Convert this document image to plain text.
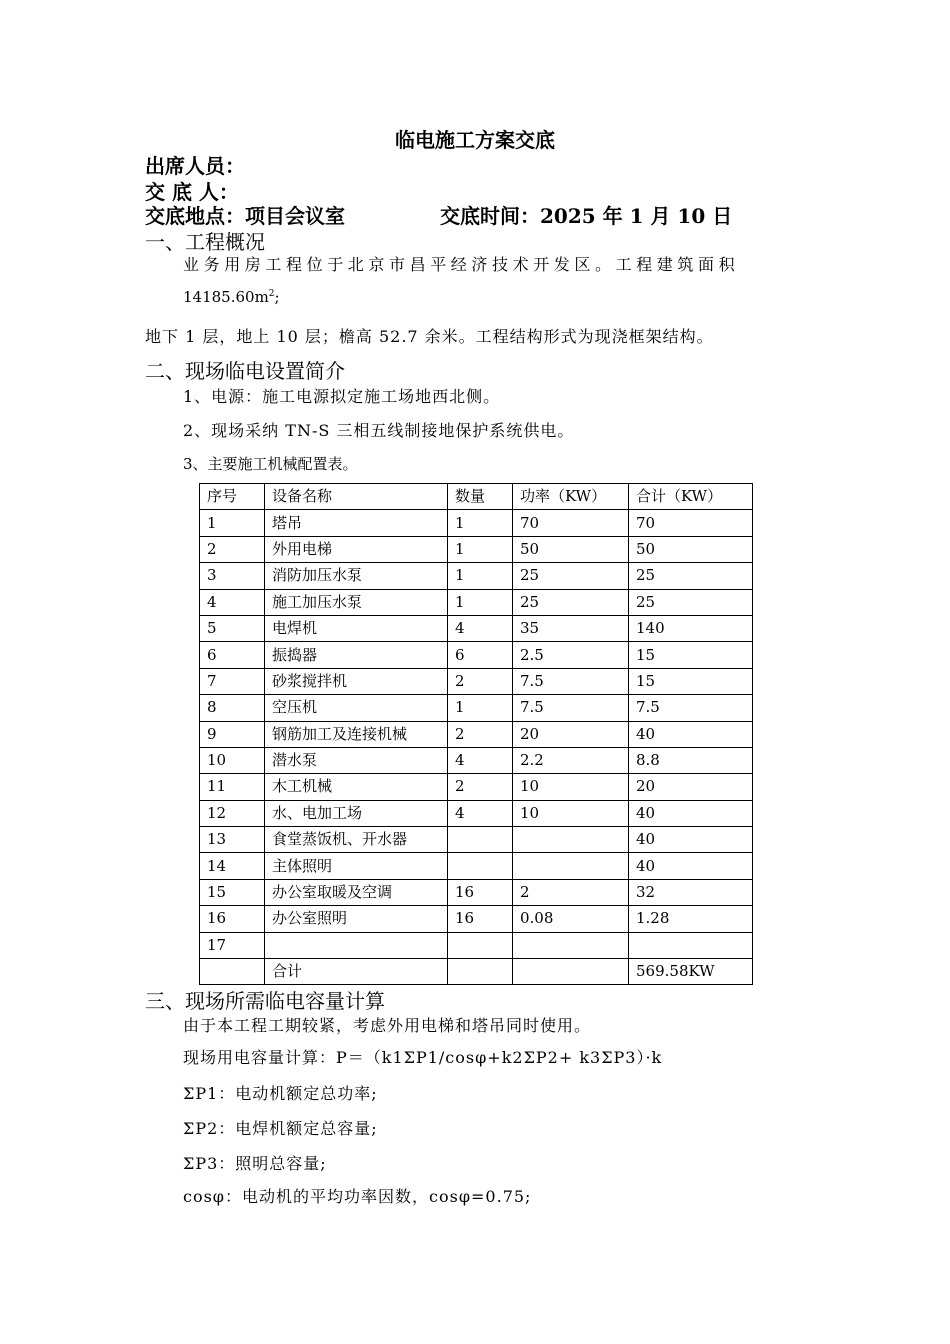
临电施工方案交底
出席人员：
交 底 人：
交底地点：项目会议室	交底时间：2025 年 1 月 10 日
一、工程概况
业务用房工程位于北京市昌平经济技术开发区。工程建筑面积
$14185.60m^2$;
地下 1 层，地上 10 层；檐高 52.7 余米。工程结构形式为现浇框架结构。
二、现场临电设置简介
1、电源：施工电源拟定施工场地西北侧。
2、现场采纳 TN-S 三相五线制接地保护系统供电。
3、主要施工机械配置表。
序号	设备名称	数量	功率（KW）	合计（KW）
1	塔吊	1	70	70
2	外用电梯	1	50	50
3	消防加压水泵	1	25	25
4	施工加压水泵	1	25	25
5	电焊机	4	35	140
6	振捣器	6	2.5	15
7	砂浆搅拌机	2	7.5	15
8	空压机	1	7.5	7.5
9	钢筋加工及连接机械	2	20	40
10	潜水泵	4	2.2	8.8
11	木工机械	2	10	20
12	水、电加工场	4	10	40
13	食堂蒸饭机、开水器			40
14	主体照明			40
15	办公室取暖及空调	16	2	32
16	办公室照明	16	0.08	1.28
17				
	合计			569.58KW
三、现场所需临电容量计算
由于本工程工期较紧，考虑外用电梯和塔吊同时使用。
现场用电容量计算：P＝（k1ΣP1/cosφ+k2ΣP2+ k3ΣP3）·k
ΣP1：电动机额定总功率;
ΣP2：电焊机额定总容量;
ΣP3：照明总容量;
cosφ：电动机的平均功率因数，cosφ=0.75;
